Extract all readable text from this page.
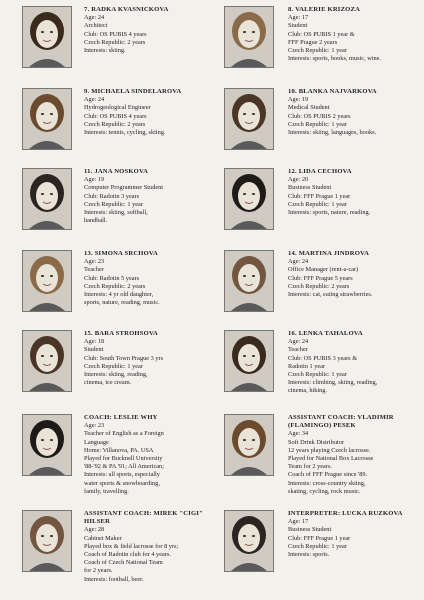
7. RADKA KVASNICKOVA
Age: 24
Architect
Club: OS PUBIS 4 years
Czech Republic: 2 years
Interests: skiing.
9. MICHAELA SINDELAROVA
Age: 24
Hydrogeological Engineer
Club: OS PUBIS 4 years
Czech Republic: 2 years
Interests: tennis, cycling, skiing.
11. JANA NOSKOVA
Age: 19
Computer Programmer Student
Club: Radotin 3 years
Czech Republic: 1 year
Interests: skiing, softball,
handball.
13. SIMONA SRCHOVA
Age: 23
Teacher
Club: Radotin 5 years
Czech Republic: 2 years
Interests: 4 yr old daughter,
sports, nature, reading, music.
15. BARA STROHSOVA
Age: 18
Student
Club: South Town Prague 3 yrs
Czech Republic: 1 year
Interests: skiing, reading,
cinema, ice cream.
COACH: LESLIE WHY
Age: 23
Teacher of English as a Foreign
Language
Home: Villanova, PA. USA
Played for Bucknell University
'88-'92 & PA '91; All American;
Interests: all sports, especially
water sports & snowboarding,
family, travelling.
ASSISTANT COACH: MIREK "CIGI" HILSER
Age: 28
Cabinet Maker
Played box & field lacrosse for 8 yrs;
Coach of Radotin club for 4 years.
Coach of Czech National Team
for 2 years.
Interests: football, beer.
8. VALERIE KRIZOZA
Age: 17
Student
Club: OS PUBIS 1 year &
FFF Prague 2 years
Czech Republic: 1 year
Interests: sports, books, music, wine.
10. BLANKA NAJVARKOVA
Age: 19
Medical Student
Club: OS PUBIS 2 years
Czech Republic: 1 year
Interests: skiing, languages, books.
12. LIDA CECHOVA
Age: 20
Business Student
Club: FFF Prague 1 year
Czech Republic: 1 year
Interests: sports, nature, reading.
14. MARTINA JINDROVA
Age: 24
Office Manager (rent-a-car)
Club: FFF Prague 5 years
Czech Republic: 2 years
Interests: cat, eating strawberries.
16. LENKA TAHALOVA
Age: 24
Teacher
Club: OS PUBIS 3 years &
Radotin 1 year
Czech Republic: 1 year
Interests: climbing, skiing, reading,
cinema, hiking.
ASSISTANT COACH: VLADIMIR (FLAMINGO) PESEK
Age: 34
Soft Drink Distributor
12 years playing Czech lacrosse.
Played for National Box Lacrosse
Team for 2 years.
Coach of FFF Prague since '89.
Interests: cross-country skiing,
skating, cycling, rock music.
INTERPRETER: LUCKA RUZKOVA
Age: 17
Business Student
Club: FFF Prague 1 year
Czech Republic: 1 year
Interests: sports.
